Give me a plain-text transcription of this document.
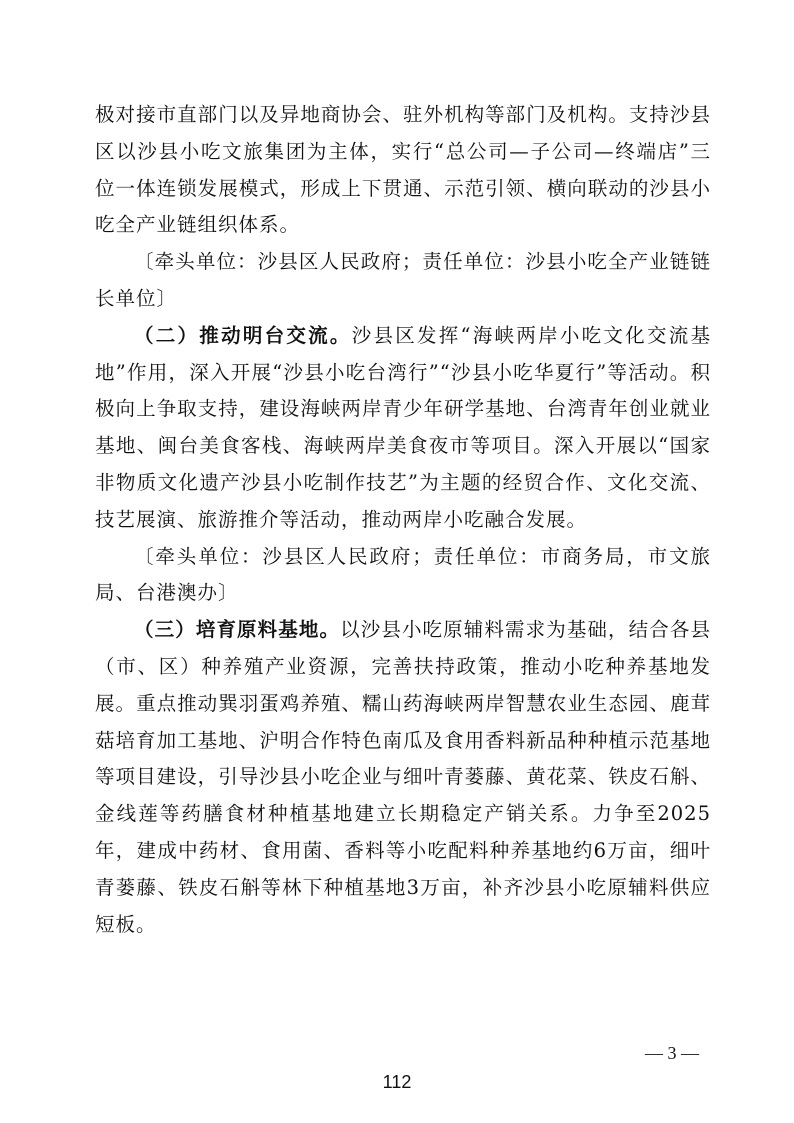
极对接市直部门以及异地商协会、驻外机构等部门及机构。支持沙县区以沙县小吃文旅集团为主体，实行“总公司—子公司—终端店”三位一体连锁发展模式，形成上下贯通、示范引领、横向联动的沙县小吃全产业链组织体系。

〔牵头单位：沙县区人民政府；责任单位：沙县小吃全产业链链长单位〕

（二）推动明台交流。沙县区发挥“海峡两岸小吃文化交流基地”作用，深入开展“沙县小吃台湾行”“沙县小吃华夏行”等活动。积极向上争取支持，建设海峡两岸青少年研学基地、台湾青年创业就业基地、闽台美食客栈、海峡两岸美食夜市等项目。深入开展以“国家非物质文化遗产沙县小吃制作技艺”为主题的经贸合作、文化交流、技艺展演、旅游推介等活动，推动两岸小吃融合发展。

〔牵头单位：沙县区人民政府；责任单位：市商务局，市文旅局、台港澳办〕

（三）培育原料基地。以沙县小吃原辅料需求为基础，结合各县（市、区）种养殖产业资源，完善扶持政策，推动小吃种养基地发展。重点推动巽羽蛋鸡养殖、糯山药海峡两岸智慧农业生态园、鹿茸菇培育加工基地、沪明合作特色南瓜及食用香料新品种种植示范基地等项目建设，引导沙县小吃企业与细叶青蒌藤、黄花菜、铁皮石斛、金线莲等药膳食材种植基地建立长期稳定产销关系。力争至2025年，建成中药材、食用菌、香料等小吃配料种养基地约6万亩，细叶青蒌藤、铁皮石斛等林下种植基地3万亩，补齐沙县小吃原辅料供应短板。

— 3 —
112
